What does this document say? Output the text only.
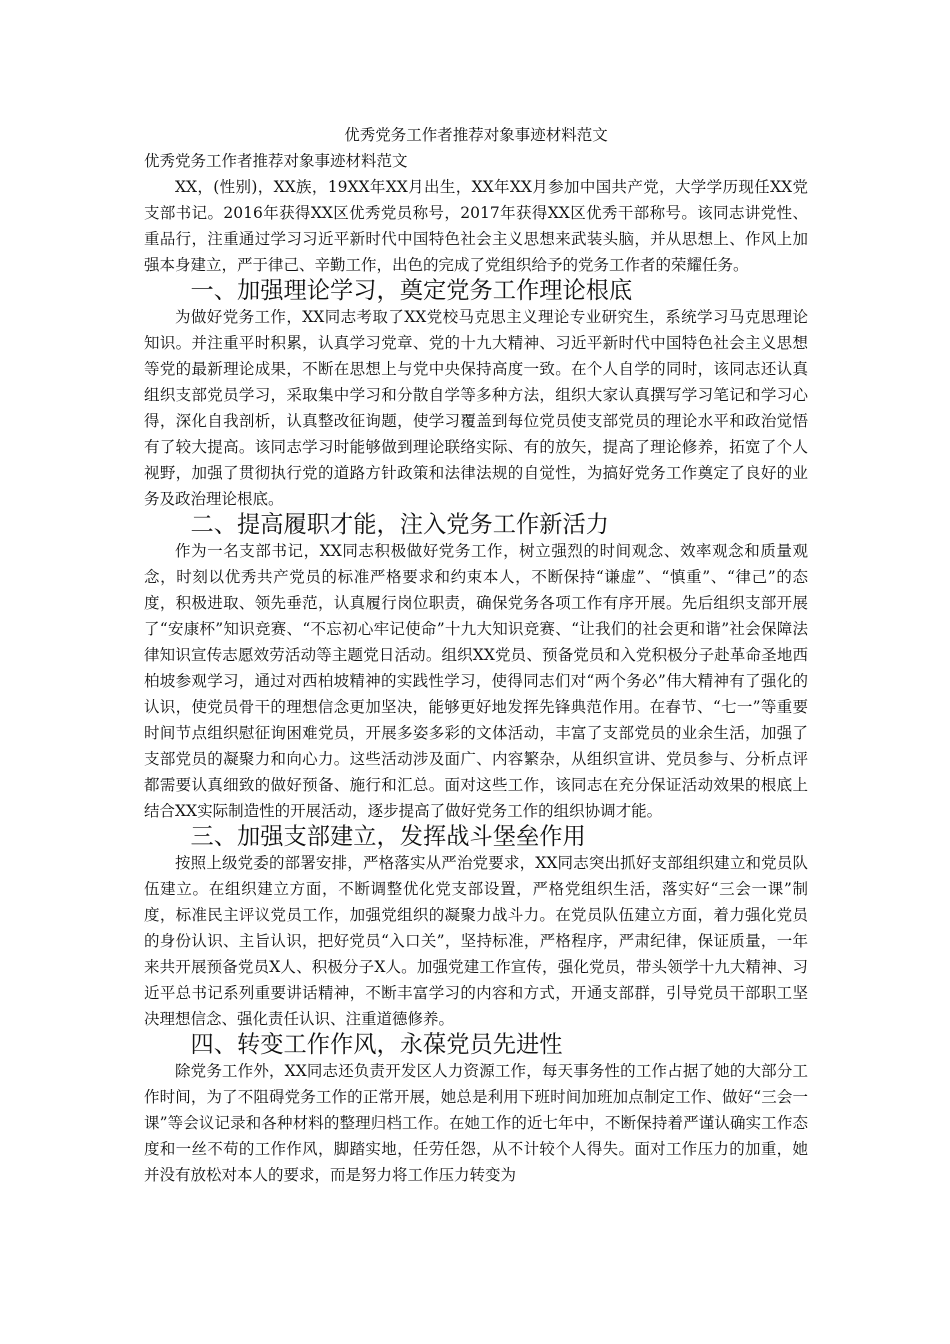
优秀党务工作者推荐对象事迹材料范文
优秀党务工作者推荐对象事迹材料范文

XX，(性别)，XX族，19XX年XX月出生，XX年XX月参加中国共产党，大学学历现任XX党支部书记。2016年获得XX区优秀党员称号，2017年获得XX区优秀干部称号。该同志讲党性、重品行，注重通过学习习近平新时代中国特色社会主义思想来武装头脑，并从思想上、作风上加强本身建立，严于律己、辛勤工作，出色的完成了党组织给予的党务工作者的荣耀任务。

一、加强理论学习，奠定党务工作理论根底

为做好党务工作，XX同志考取了XX党校马克思主义理论专业研究生，系统学习马克思理论知识。并注重平时积累，认真学习党章、党的十九大精神、习近平新时代中国特色社会主义思想等党的最新理论成果，不断在思想上与党中央保持高度一致。在个人自学的同时，该同志还认真组织支部党员学习，采取集中学习和分散自学等多种方法，组织大家认真撰写学习笔记和学习心得，深化自我剖析，认真整改征询题，使学习覆盖到每位党员使支部党员的理论水平和政治觉悟有了较大提高。该同志学习时能够做到理论联络实际、有的放矢，提高了理论修养，拓宽了个人视野，加强了贯彻执行党的道路方针政策和法律法规的自觉性，为搞好党务工作奠定了良好的业务及政治理论根底。

二、提高履职才能，注入党务工作新活力

作为一名支部书记，XX同志积极做好党务工作，树立强烈的时间观念、效率观念和质量观念，时刻以优秀共产党员的标准严格要求和约束本人，不断保持“谦虚”、“慎重”、“律己”的态度，积极进取、领先垂范，认真履行岗位职责，确保党务各项工作有序开展。先后组织支部开展了“安康杯”知识竞赛、“不忘初心牢记使命”十九大知识竞赛、“让我们的社会更和谐”社会保障法律知识宣传志愿效劳活动等主题党日活动。组织XX党员、预备党员和入党积极分子赴革命圣地西柏坡参观学习，通过对西柏坡精神的实践性学习，使得同志们对“两个务必”伟大精神有了强化的认识，使党员骨干的理想信念更加坚决，能够更好地发挥先锋典范作用。在春节、“七一”等重要时间节点组织慰征询困难党员，开展多姿多彩的文体活动，丰富了支部党员的业余生活，加强了支部党员的凝聚力和向心力。这些活动涉及面广、内容繁杂，从组织宣讲、党员参与、分析点评都需要认真细致的做好预备、施行和汇总。面对这些工作，该同志在充分保证活动效果的根底上结合XX实际制造性的开展活动，逐步提高了做好党务工作的组织协调才能。

三、加强支部建立，发挥战斗堡垒作用

按照上级党委的部署安排，严格落实从严治党要求，XX同志突出抓好支部组织建立和党员队伍建立。在组织建立方面，不断调整优化党支部设置，严格党组织生活，落实好“三会一课”制度，标准民主评议党员工作，加强党组织的凝聚力战斗力。在党员队伍建立方面，着力强化党员的身份认识、主旨认识，把好党员“入口关”，坚持标准，严格程序，严肃纪律，保证质量，一年来共开展预备党员X人、积极分子X人。加强党建工作宣传，强化党员，带头领学十九大精神、习近平总书记系列重要讲话精神，不断丰富学习的内容和方式，开通支部群，引导党员干部职工坚决理想信念、强化责任认识、注重道德修养。

四、转变工作作风，永葆党员先进性

除党务工作外，XX同志还负责开发区人力资源工作，每天事务性的工作占据了她的大部分工作时间，为了不阻碍党务工作的正常开展，她总是利用下班时间加班加点制定工作、做好“三会一课”等会议记录和各种材料的整理归档工作。在她工作的近七年中，不断保持着严谨认确实工作态度和一丝不苟的工作作风，脚踏实地，任劳任怨，从不计较个人得失。面对工作压力的加重，她并没有放松对本人的要求，而是努力将工作压力转变为
